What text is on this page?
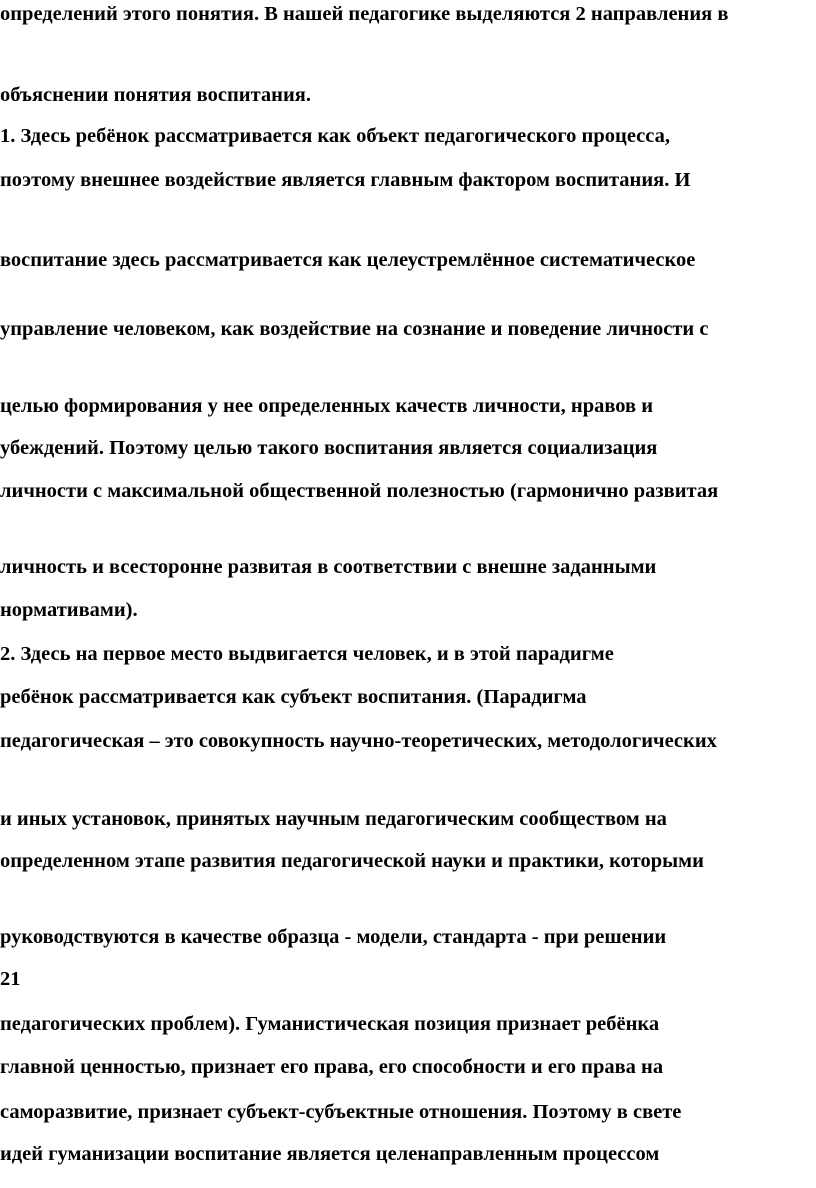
определений этого понятия. В нашей педагогике выделяются 2 направления в
объяснении понятия воспитания.
1. Здесь ребёнок рассматривается как объект педагогического процесса,
поэтому внешнее воздействие является главным фактором воспитания. И
воспитание здесь рассматривается как целеустремлённое систематическое
управление человеком, как воздействие на сознание и поведение личности с
целью формирования у нее определенных качеств личности, нравов и
убеждений. Поэтому целью такого воспитания является социализация
личности с максимальной общественной полезностью (гармонично развитая
личность и всесторонне развитая в соответствии с внешне заданными
нормативами).
2. Здесь на первое место выдвигается человек, и в этой парадигме
ребёнок рассматривается как субъект воспитания. (Парадигма
педагогическая – это совокупность научно-теоретических, методологических
и иных установок, принятых научным педагогическим сообществом на
определенном этапе развития педагогической науки и практики, которыми
руководствуются в качестве образца - модели, стандарта - при решении
21
педагогических проблем). Гуманистическая позиция признает ребёнка
главной ценностью, признает его права, его способности и его права на
саморазвитие, признает субъект-субъектные отношения. Поэтому в свете
идей гуманизации воспитание является целенаправленным процессом
